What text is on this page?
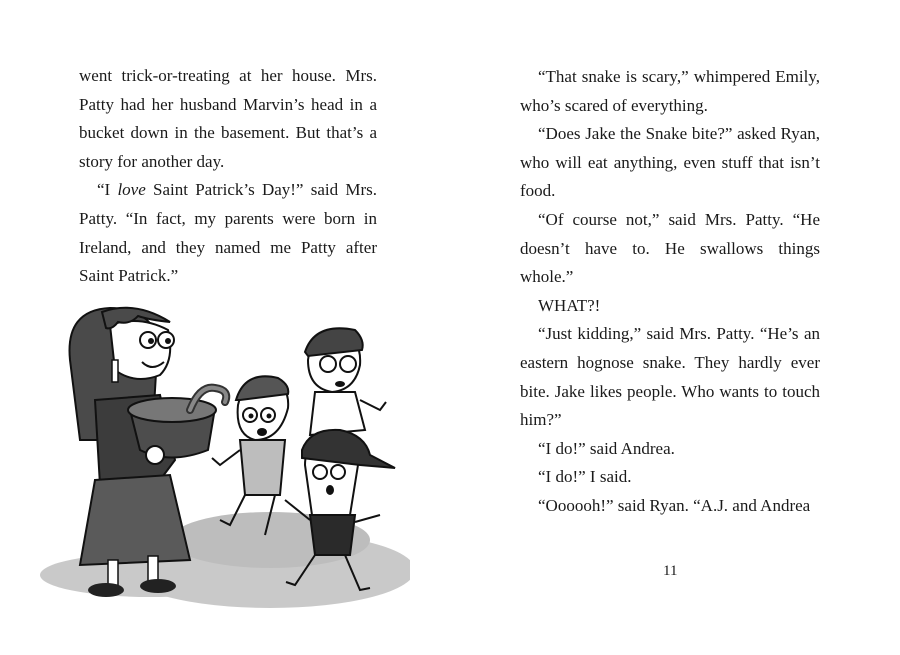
went trick-or-treating at her house. Mrs. Patty had her husband Marvin’s head in a bucket down in the basement. But that’s a story for another day.

“I love Saint Patrick’s Day!” said Mrs. Patty. “In fact, my parents were born in Ireland, and they named me Patty after Saint Patrick.”

“That snake is scary,” whimpered Emily, who’s scared of everything.

“Does Jake the Snake bite?” asked Ryan, who will eat anything, even stuff that isn’t food.

“Of course not,” said Mrs. Patty. “He doesn’t have to. He swallows things whole.”

WHAT?!

“Just kidding,” said Mrs. Patty. “He’s an eastern hognose snake. They hardly ever bite. Jake likes people. Who wants to touch him?”

“I do!” said Andrea.

“I do!” I said.

“Oooooh!” said Ryan. “A.J. and Andrea

11
